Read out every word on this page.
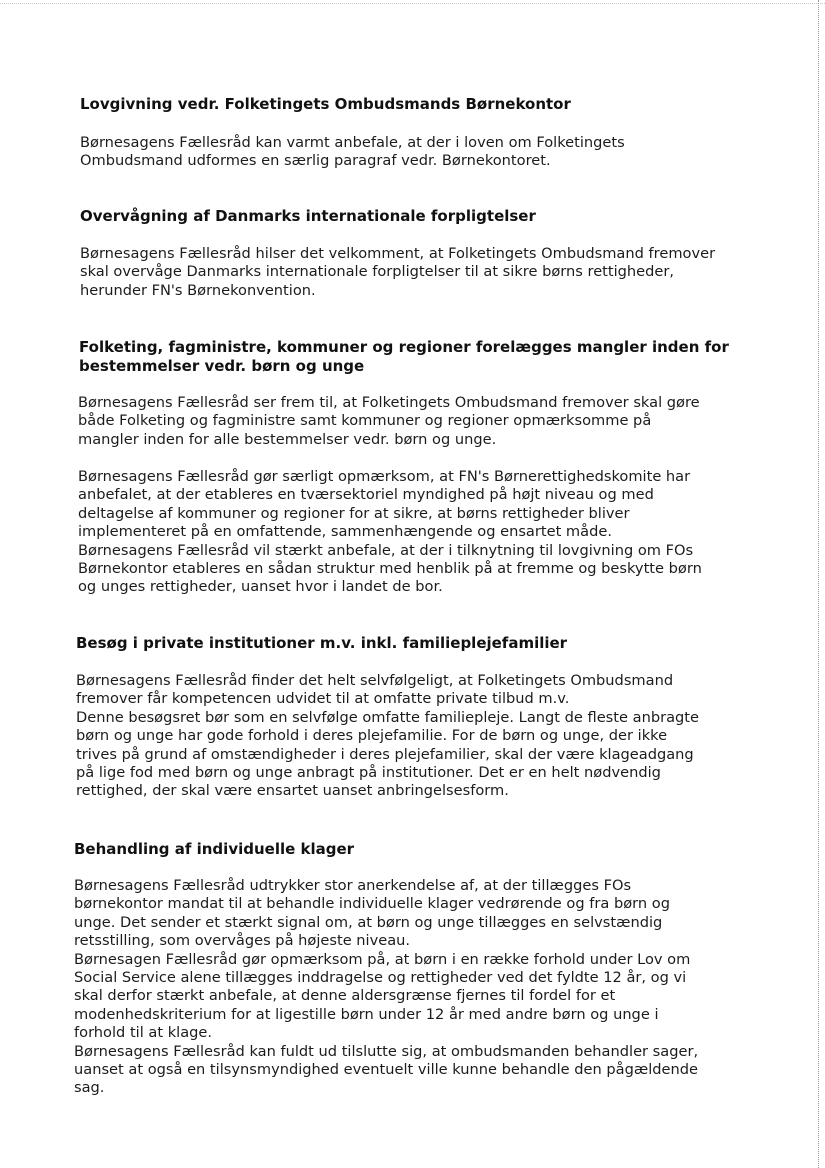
Lovgivning vedr. Folketingets Ombudsmands Børnekontor

Børnesagens Fællesråd kan varmt anbefale, at der i loven om Folketingets
Ombudsmand udformes en særlig paragraf vedr. Børnekontoret.

Overvågning af Danmarks internationale forpligtelser

Børnesagens Fællesråd hilser det velkomment, at Folketingets Ombudsmand fremover
skal overvåge Danmarks internationale forpligtelser til at sikre børns rettigheder,
herunder FN's Børnekonvention.

Folketing, fagministre, kommuner og regioner forelægges mangler inden for
bestemmelser vedr. børn og unge

Børnesagens Fællesråd ser frem til, at Folketingets Ombudsmand fremover skal gøre
både Folketing og fagministre samt kommuner og regioner opmærksomme på
mangler inden for alle bestemmelser vedr. børn og unge.

Børnesagens Fællesråd gør særligt opmærksom, at FN's Børnerettighedskomite har
anbefalet, at der etableres en tværsektoriel myndighed på højt niveau og med
deltagelse af kommuner og regioner for at sikre, at børns rettigheder bliver
implementeret på en omfattende, sammenhængende og ensartet måde.
Børnesagens Fællesråd vil stærkt anbefale, at der i tilknytning til lovgivning om FOs
Børnekontor etableres en sådan struktur med henblik på at fremme og beskytte børn
og unges rettigheder, uanset hvor i landet de bor.

Besøg i private institutioner m.v. inkl. familieplejefamilier

Børnesagens Fællesråd finder det helt selvfølgeligt, at Folketingets Ombudsmand
fremover får kompetencen udvidet til at omfatte private tilbud m.v.
Denne besøgsret bør som en selvfølge omfatte familiepleje. Langt de fleste anbragte
børn og unge har gode forhold i deres plejefamilie. For de børn og unge, der ikke
trives på grund af omstændigheder i deres plejefamilier, skal der være klageadgang
på lige fod med børn og unge anbragt på institutioner. Det er en helt nødvendig
rettighed, der skal være ensartet uanset anbringelsesform.

Behandling af individuelle klager

Børnesagens Fællesråd udtrykker stor anerkendelse af, at der tillægges FOs
børnekontor mandat til at behandle individuelle klager vedrørende og fra børn og
unge. Det sender et stærkt signal om, at børn og unge tillægges en selvstændig
retsstilling, som overvåges på højeste niveau.
Børnesagen Fællesråd gør opmærksom på, at børn i en række forhold under Lov om
Social Service alene tillægges inddragelse og rettigheder ved det fyldte 12 år, og vi
skal derfor stærkt anbefale, at denne aldersgrænse fjernes til fordel for et
modenhedskriterium for at ligestille børn under 12 år med andre børn og unge i
forhold til at klage.
Børnesagens Fællesråd kan fuldt ud tilslutte sig, at ombudsmanden behandler sager,
uanset at også en tilsynsmyndighed eventuelt ville kunne behandle den pågældende
sag.
